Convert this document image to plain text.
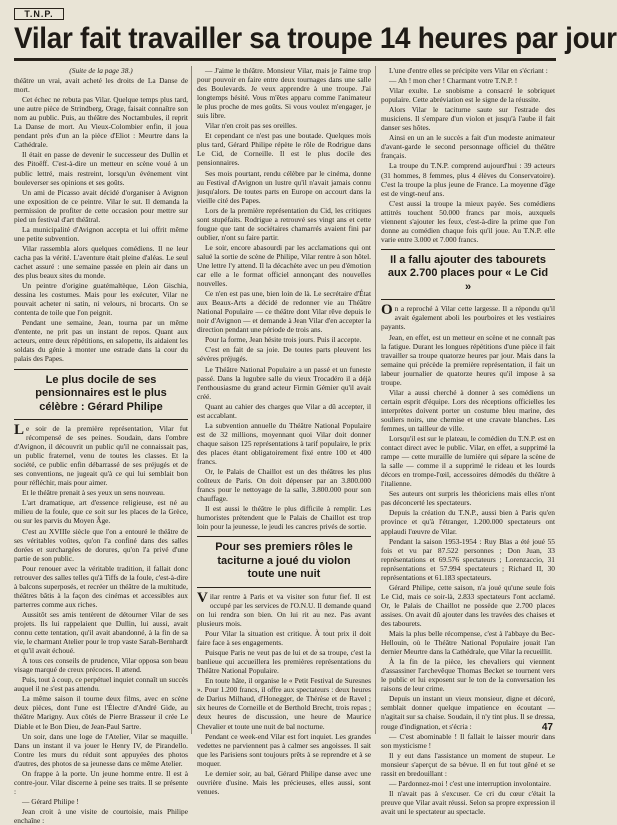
T.N.P.
Vilar fait travailler sa troupe 14 heures par jour

(Suite de la page 38.)

théâtre un vrai, avait acheté les droits de La Danse de mort.

Cet échec ne rebuta pas Vilar. Quelque temps plus tard, une autre pièce de Strindberg, Orage, faisait connaître son nom au public. Puis, au théâtre des Noctambules, il reprit La Danse de mort. Au Vieux-Colombier enfin, il joua pendant près d'un an la pièce d'Eliot : Meurtre dans la Cathédrale.

Il était en passe de devenir le successeur des Dullin et des Pitoëff. C'est-à-dire un metteur en scène voué à un public lettré, mais restreint, lorsqu'un événement vint bouleverser ses opinions et ses goûts.

Un ami de Picasso avait décidé d'organiser à Avignon une exposition de ce peintre. Vilar le sut. Il demanda la permission de profiter de cette occasion pour mettre sur pied un festival d'art théâtral.

La municipalité d'Avignon accepta et lui offrit même une petite subvention.

Vilar rassembla alors quelques comédiens. Il ne leur cacha pas la vérité. L'aventure était pleine d'aléas. Le seul cachet assuré : une semaine passée en plein air dans un des plus beaux sites du monde.

Un peintre d'origine guatémaltèque, Léon Gischia, dessina les costumes. Mais pour les exécuter, Vilar ne pouvait acheter ni satin, ni velours, ni brocarts. On se contenta de toile que l'on peignit.

Pendant une semaine, Jean, tourna par un même d'entente, ne prit pas un instant de repos. Quant aux acteurs, entre deux répétitions, en salopette, ils aidaient les soldats du génie à monter une estrade dans la cour du palais des Papes.

Le plus docile de ses pensionnaires est le plus célèbre : Gérard Philipe

Le soir de la première représentation, Vilar fut récompensé de ses peines. Soudain, dans l'ombre d'Avignon, il découvrit un public qu'il ne connaissait pas, un public fraternel, venu de toutes les classes. Et la société, ce public enfin débarrassé de ses préjugés et de ses conventions, ne jugeait qu'à ce qui lui semblait bon pour réfléchir, mais pour aimer.

Et le théâtre prenait à ses yeux un sens nouveau.

L'art dramatique, art d'essence religieuse, est né au milieu de la foule, que ce soit sur les places de la Grèce, ou sur les parvis du Moyen Âge.

C'est au XVIIIe siècle que l'on a entouré le théâtre de ses véritables voûtes, qu'on l'a confiné dans des salles dorées et surchargées de dorures, qu'on l'a privé d'une partie de son public.

Pour renouer avec la véritable tradition, il fallait donc retrouver des salles telles qu'à Tiffs de la foule, c'est-à-dire à balcons superposés, et recréer un théâtre de la multitude, théâtres bâtis à la façon des cinémas et accessibles aux parterres comme aux riches.

Aussitôt ses amis tentèrent de détourner Vilar de ses projets. Ils lui rappelaient que Dullin, lui aussi, avait connu cette tentation, qu'il avait abandonné, à la fin de sa vie, le charmant Atelier pour le trop vaste Sarah-Bernhardt et qu'il avait échoué.

À tous ces conseils de prudence, Vilar opposa son beau visage marqué de creux précoces. Il attend.

Puis, tout à coup, ce perpétuel inquiet connaît un succès auquel il ne s'est pas attendu.

La même saison il tourne deux films, avec en scène deux pièces, dont l'une est l'Électre d'André Gide, au théâtre Marigny. Aux côtés de Pierre Brasseur il crée Le Diable et le Bon Dieu, de Jean-Paul Sartre.

Un soir, dans une loge de l'Atelier, Vilar se maquille. Dans un instant il va jouer le Henry IV, de Pirandello. Contre les murs du réduit sont appuyées des photos d'autres, des photos de sa jeunesse dans ce même Atelier.

On frappe à la porte. Un jeune homme entre. Il est à contre-jour. Vilar discerne à peine ses traits. Il se présente :

— Gérard Philipe !

Jean croit à une visite de courtoisie, mais Philipe enchaîne :

— J'aime le théâtre. Monsieur Vilar, mais je l'aime trop pour pouvoir en faire entre deux tournages dans une salle des Boulevards. Je veux apprendre à une troupe. J'ai longtemps hésité. Vous m'êtes apparu comme l'animateur le plus proche de mes goûts. Si vous voulez m'engager, je suis libre.

Vilar n'en croit pas ses oreilles.

Et cependant ce n'est pas une boutade. Quelques mois plus tard, Gérard Philipe répète le rôle de Rodrigue dans Le Cid, de Corneille. Il est le plus docile des pensionnaires.

Ses mois pourtant, rendu célèbre par le cinéma, donne au Festival d'Avignon un lustre qu'il n'avait jamais connu jusqu'alors. De toutes parts en Europe on accourt dans la vieille cité des Papes.

Lors de la première représentation du Cid, les critiques sont stupéfaits. Rodrigue a retrouvé ses vingt ans et cette fougue que tant de sociétaires chamarrés avaient fini par oublier, n'ont su faire partir.

Le soir, encore abasourdi par les acclamations qui ont salué la sortie de scène de Philipe, Vilar rentre à son hôtel. Une lettre l'y attend. Il la décachète avec un peu d'émotion car elle a le format officiel annonçant des nouvelles nouvelles.

Ce n'en est pas une, bien loin de là. Le secrétaire d'État aux Beaux-Arts a décidé de redonner vie au Théâtre National Populaire — ce théâtre dont Vilar rêve depuis le noir d'Avignon — et demande à Jean Vilar d'en accepter la direction pendant une période de trois ans.

Pour la forme, Jean hésite trois jours. Puis il accepte.

C'est en fait de sa joie. De toutes parts pleuvent les sévères préjugés.

Le Théâtre National Populaire a un passé et un funeste passé. Dans la lugubre salle du vieux Trocadéro il a déjà l'enthousiasme du grand acteur Firmin Gémier qu'il avait créé.

Quant au cahier des charges que Vilar a dû accepter, il est accablant.

La subvention annuelle du Théâtre National Populaire est de 32 millions, moyennant quoi Vilar doit donner chaque saison 125 représentations à tarif populaire, le prix des places étant obligatoirement fixé entre 100 et 400 francs.

Or, le Palais de Chaillot est un des théâtres les plus coûteux de Paris. On doit dépenser par an 3.800.000 francs pour le nettoyage de la salle, 3.800.000 pour son chauffage.

Il est aussi le théâtre le plus difficile à remplir. Les humoristes prétendent que le Palais de Chaillot est trop loin pour la jeunesse, le jeudi les cancres privés de sortie.

Pour ses premiers rôles le taciturne a joué du violon toute une nuit

Vilar rentre à Paris et va visiter son futur fief. Il est occupé par les services de l'O.N.U. Il demande quand on lui rendra son bien. On lui rit au nez. Pas avant plusieurs mois.

Pour Vilar la situation est critique. À tout prix il doit faire face à ses engagements.

Puisque Paris ne veut pas de lui et de sa troupe, c'est la banlieue qui accueillera les premières représentations du Théâtre National Populaire.

En toute hâte, il organise le « Petit Festival de Suresnes ». Pour 1.200 francs, il offre aux spectateurs : deux heures de Darius Milhaud, d'Honegger, de Thérèse et de Ravel ; six heures de Corneille et de Berthold Brecht, trois repas ; deux heures de discussion, une heure de Maurice Chevalier et toute une nuit de bal nocturne.

Pendant ce week-end Vilar est fort inquiet. Les grandes vedettes ne parviennent pas à calmer ses angoisses. Il sait que les Parisiens sont toujours prêts à se reprendre et à se moquer.

Le dernier soir, au bal, Gérard Philipe danse avec une ouvrière d'usine. Mais les précieuses, elles aussi, sont venues.

L'une d'entre elles se précipite vers Vilar en s'écriant :

— Ah ! mon cher ! Charmant votre T.N.P. !

Vilar exulte. Le snobisme a consacré le sobriquet populaire. Cette abréviation est le signe de la réussite.

Alors Vilar le taciturne saute sur l'estrade des musiciens. Il s'empare d'un violon et jusqu'à l'aube il fait danser ses hôtes.

Ainsi en un an le succès a fait d'un modeste animateur d'avant-garde le second personnage officiel du théâtre français.

La troupe du T.N.P. comprend aujourd'hui : 39 acteurs (31 hommes, 8 femmes, plus 4 élèves du Conservatoire). C'est la troupe la plus jeune de France. La moyenne d'âge est de vingt-neuf ans.

C'est aussi la troupe la mieux payée. Ses comédiens attitrés touchent 50.000 francs par mois, auxquels viennent s'ajouter les feux, c'est-à-dire la prime que l'on donne au comédien chaque fois qu'il joue. Au T.N.P. elle varie entre 3.000 et 7.000 francs.

Il a fallu ajouter des tabourets aux 2.700 places pour « Le Cid »

On a reproché à Vilar cette largesse. Il a répondu qu'il avait également aboli les pourboires et les vestiaires payants.

Jean, en effet, est un metteur en scène et ne connaît pas la fatigue. Durant les longues répétitions d'une pièce il fait travailler sa troupe quatorze heures par jour. Mais dans la semaine qui précède la première représentation, il fait un labeur journalier de quatorze heures qu'il impose à sa troupe.

Vilar a aussi cherché à donner à ses comédiens un certain esprit d'équipe. Lors des réceptions officielles les interprètes doivent porter un costume bleu marine, des souliers noirs, une chemise et une cravate blanches. Les femmes, un tailleur de ville.

Lorsqu'il est sur le plateau, le comédien du T.N.P. est en contact direct avec le public. Vilar, en effet, a supprimé la rampe — cette muraille de lumière qui sépare la scène de la salle — comme il a supprimé le rideau et les lourds décors en trompe-l'œil, accessoires démodés du théâtre à l'italienne.

Ses auteurs ont surpris les théoriciens mais elles n'ont pas déconcerté les spectateurs.

Depuis la création du T.N.P., aussi bien à Paris qu'en province et qu'à l'étranger, 1.200.000 spectateurs ont applaudi l'œuvre de Vilar.

Pendant la saison 1953-1954 : Ruy Blas a été joué 55 fois et vu par 87.522 personnes ; Don Juan, 33 représentations et 69.576 spectateurs ; Lorenzaccio, 31 représentations et 57.994 spectateurs ; Richard II, 30 représentations et 61.183 spectateurs.

Gérard Philipe, cette saison, n'a joué qu'une seule fois Le Cid, mais ce soir-là, 2.833 spectateurs l'ont acclamé. Or, le Palais de Chaillot ne possède que 2.700 places assises. On avait dû ajouter dans les travées des chaises et des tabourets.

Mais la plus belle récompense, c'est à l'abbaye du Bec-Hellouin, où le Théâtre National Populaire jouait l'an dernier Meurtre dans la Cathédrale, que Vilar la recueillit.

À la fin de la pièce, les chevaliers qui viennent d'assassiner l'archevêque Thomas Becket se tournent vers le public et lui exposent sur le ton de la conversation les raisons de leur crime.

Depuis un instant un vieux monsieur, digne et décoré, semblait donner quelque impatience en écoutant — n'agitait sur sa chaise. Soudain, il n'y tint plus. Il se dressa, rouge d'indignation, et s'écria :

— C'est abominable ! Il fallait le laisser mourir dans son mysticisme !

Il y eut dans l'assistance un moment de stupeur. Le monsieur s'aperçut de sa bévue. Il en fut tout gêné et se rassit en bredouillant :

— Pardonnez-moi ! c'est une interruption involontaire.

Il n'avait pas à s'excuser. Ce cri du cœur c'était la preuve que Vilar avait réussi. Selon sa propre expression il avait uni le spectateur au spectacle.

47
